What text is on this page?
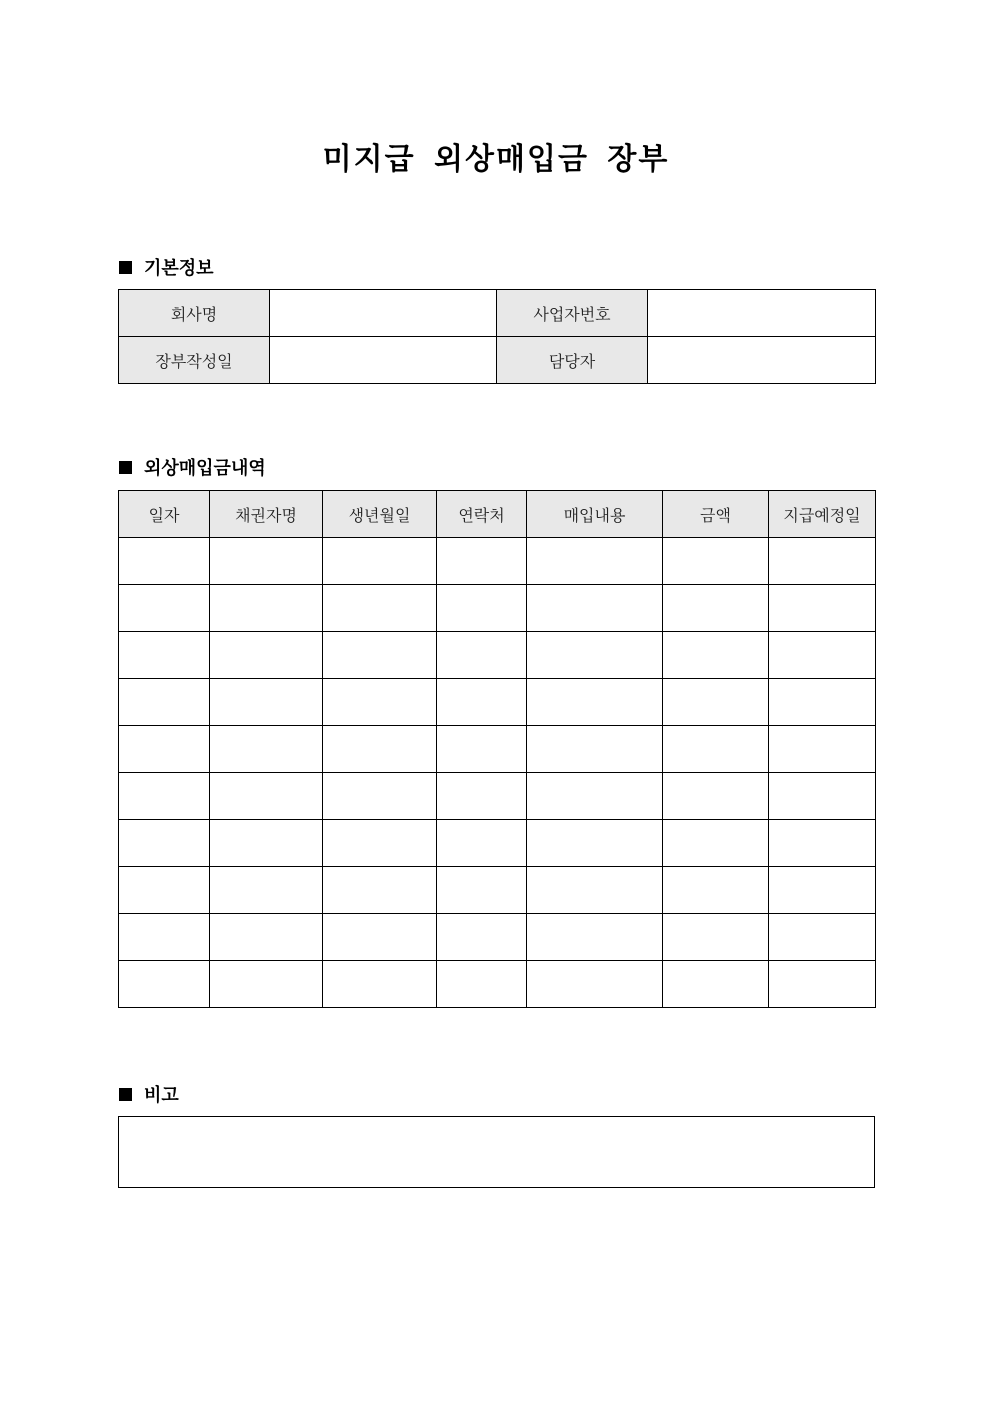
미지급 외상매입금 장부
기본정보
회사명		사업자번호	
장부작성일		담당자	
외상매입금내역
일자	채권자명	생년월일	연락처	매입내용	금액	지급예정일

비고
